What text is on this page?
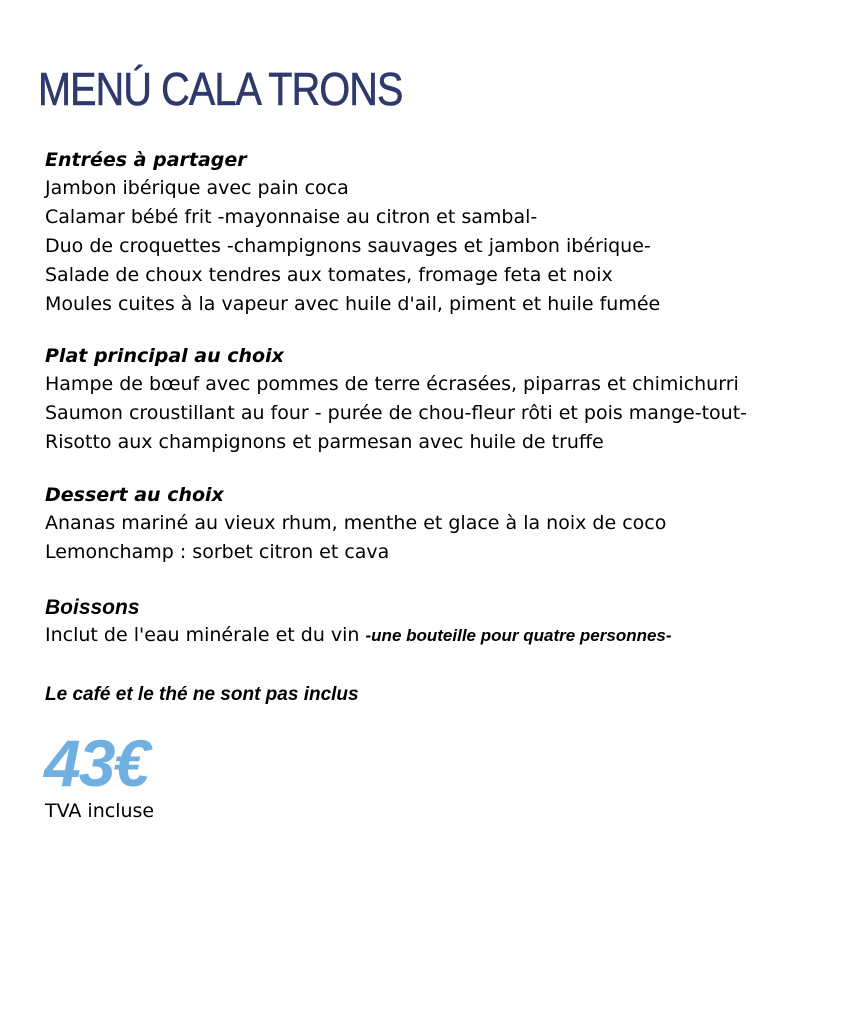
MENÚ CALA TRONS

Entrées à partager

Jambon ibérique avec pain coca

Calamar bébé frit -mayonnaise au citron et sambal-

Duo de croquettes -champignons sauvages et jambon ibérique-

Salade de choux tendres aux tomates, fromage feta et noix

Moules cuites à la vapeur avec huile d'ail, piment et huile fumée

Plat principal au choix

Hampe de bœuf avec pommes de terre écrasées, piparras et chimichurri

Saumon croustillant au four - purée de chou-fleur rôti et pois mange-tout-

Risotto aux champignons et parmesan avec huile de truffe

Dessert au choix

Ananas mariné au vieux rhum, menthe et glace à la noix de coco

Lemonchamp : sorbet citron et cava

Boissons

Inclut de l'eau minérale et du vin -une bouteille pour quatre personnes-

Le café et le thé ne sont pas inclus

43€

TVA incluse
